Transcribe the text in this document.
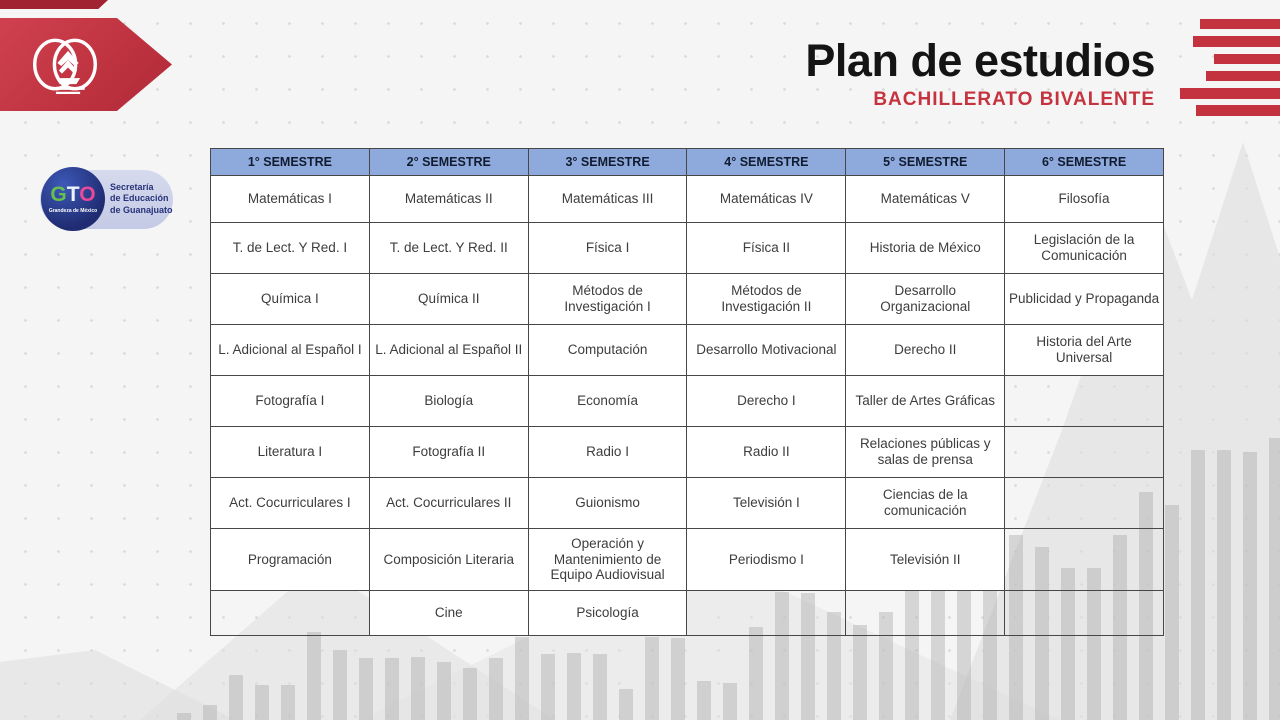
Plan de estudios
BACHILLERATO BIVALENTE
Secretaría
de Educación
de Guanajuato
GTO
Grandeza de México
1° SEMESTRE	2° SEMESTRE	3° SEMESTRE	4° SEMESTRE	5° SEMESTRE	6° SEMESTRE
Matemáticas I	Matemáticas II	Matemáticas III	Matemáticas IV	Matemáticas V	Filosofía
T. de Lect. Y Red. I	T. de Lect. Y Red. II	Física I	Física II	Historia de México	Legislación de la Comunicación
Química I	Química II	Métodos de Investigación I	Métodos de Investigación II	Desarrollo Organizacional	Publicidad y Propaganda
L. Adicional al Español I	L. Adicional al Español II	Computación	Desarrollo Motivacional	Derecho II	Historia del Arte Universal
Fotografía I	Biología	Economía	Derecho I	Taller de Artes Gráficas	
Literatura I	Fotografía II	Radio I	Radio II	Relaciones públicas y salas de prensa	
Act. Cocurriculares I	Act. Cocurriculares II	Guionismo	Televisión I	Ciencias de la comunicación	
Programación	Composición Literaria	Operación y Mantenimiento de Equipo Audiovisual	Periodismo I	Televisión II	
	Cine	Psicología			
